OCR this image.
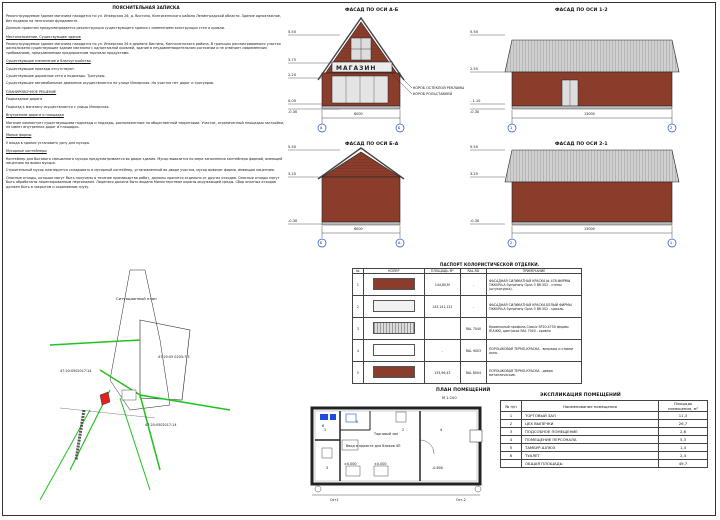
ПОЯСНИТЕЛЬНАЯ ЗАПИСКА

Реконструируемое здание магазина находится по ул. Инкерская 26, д. Вистино, Кингисеппского района Ленинградской области. Здание одноэтажное, без подвала на ленточном фундаменте.

Данным проектом предусматривается реконструкция существующего здания с изменением конструкции стен и кровли.

Местоположение. Существующее здание

Реконструируемое здание магазина находится по ул. Инкерская 26 в деревне Вистино, Кингисеппского района. В границах рассматриваемого участка расположено существующее здание магазина с одноэтажной кровлей, здание в неудовлетворительном состоянии и не отвечает современным требованиям, предъявляемым предприятиям торговли продуктами.

Существующие озеленение и благоустройство

Существующие проезды отсутствуют.

Существующие дорожные сети и подъезды. Тротуары.

Существующее автомобильное движение осуществляется по улице Инкерская. На участке нет дорог и тротуаров.

ПЛАНИРОВОЧНОЕ РЕШЕНИЕ

Подъездные дороги

Подъезд к магазину осуществляется с улицы Инкерская.

Внутренние дороги и площадки

Магазин компактует существующими подъезды и подходы, расположенные на общественной территории. Участок, ограниченный площадью застройки, не имеет внутренних дорог и площадок.

Малые формы

У входа в здание установить урну для мусора.

Мусорные контейнеры

Контейнер для бытового смешанного мусора предусматривается во дворе здания. Мусор вывозится по мере заполнения контейнера фирмой, имеющей лицензию на вывоз мусора.

Строительный мусор планируется складывать в мусорный контейнер, установленный во дворе участка, мусор вывозит фирма, имеющая лицензию.

Опасные отходы, которые могут быть получены в течение производства работ, должны хранится отдельно от других отходов. Опасные отходы могут быть обработаны лицензированным персоналом. Лицензия должна быть выдана Министерством охраны окружающей среды. Сбор опасных отходов должен быть в закрытом и охраняемом грузу.

ФАСАД ПО ОСИ А-Б	ФАСАД ПО ОСИ 1-2
ФАСАД ПО ОСИ Б-А	ФАСАД ПО ОСИ 2-1
5.50
3.75
2.20
0.00
-0.30
5.50
2.55
- 1.10
-0.30
5.50
3.25
-0.30
5.50
3.25
-0.30
МАГАЗИН
КОРОБ ОСТЕКЛОЙ РЕКЛАМЫ
КОРОБ РОЛЬСТАВНЕЙ
6000	13000
6000	13000
А	Б	1	2
Б	А	2	1
Ситуационный план
47:20:0502017:14
47:20:05 0203:7:3
47:20:0502017:14
ПАСПОРТ КОЛОРИСТИЧЕСКОЙ ОТДЕЛКИ.
№	КОЛЕР	ПЛОЩАДЬ М²	RAL-RD	ПРИМЕЧАНИЕ
1		144,80,М	-	ФАСАДНАЯ СИЛИКАТНАЯ КРАСКА № 478 ФИРМЫ TIKKURILA Symphony Opus 3 BR-502 - стены (штукатурка).
2		143,141,131	-	ФАСАДНАЯ СИЛИКАТНАЯ КРАСКА БЕЛЫЙ ФИРМЫ TIKKURILA Symphony Opus 3 BR-502 - цоколь.
3			RAL 7040	Кровельный профиль Classic SP20-4750 фирмы RUUKKI, цвет/окос RAL 7040 - кровля
4		-	RAL 9003	ПОРОШКОВАЯ ТЕРМО-КРАСКА - витражи и ставни окна.
5		133,96,43	RAL 8004	ПОРОШКОВАЯ ТЕРМО-КРАСКА - двери металлические.
ПЛАН ПОМЕЩЕНИЙ
М 1:100
Торговый зал
±0.000	±0.000
-0.600
Ввод в проекте для блоков 4П
1	2
3
4
5
6
Ост1	Ост.2
ЭКСПЛИКАЦИЯ ПОМЕЩЕНИЙ
№ п/п	Наименование помещения	Площадь помещения, м²
1	ТОРГОВЫЙ ЗАЛ	11,3
2	ЦЕХ ВЫПЕЧКИ	26,7
3	ПОДСОБНОЕ ПОМЕЩЕНИЕ	2,6
4	ПОМЕЩЕНИЕ ПЕРСОНАЛА	5,3
5	ТАМБУР-ШЛЮЗ	1,4
6	ТУАЛЕТ	2,4
	ОБЩАЯ ПЛОЩАДЬ:	49,7
